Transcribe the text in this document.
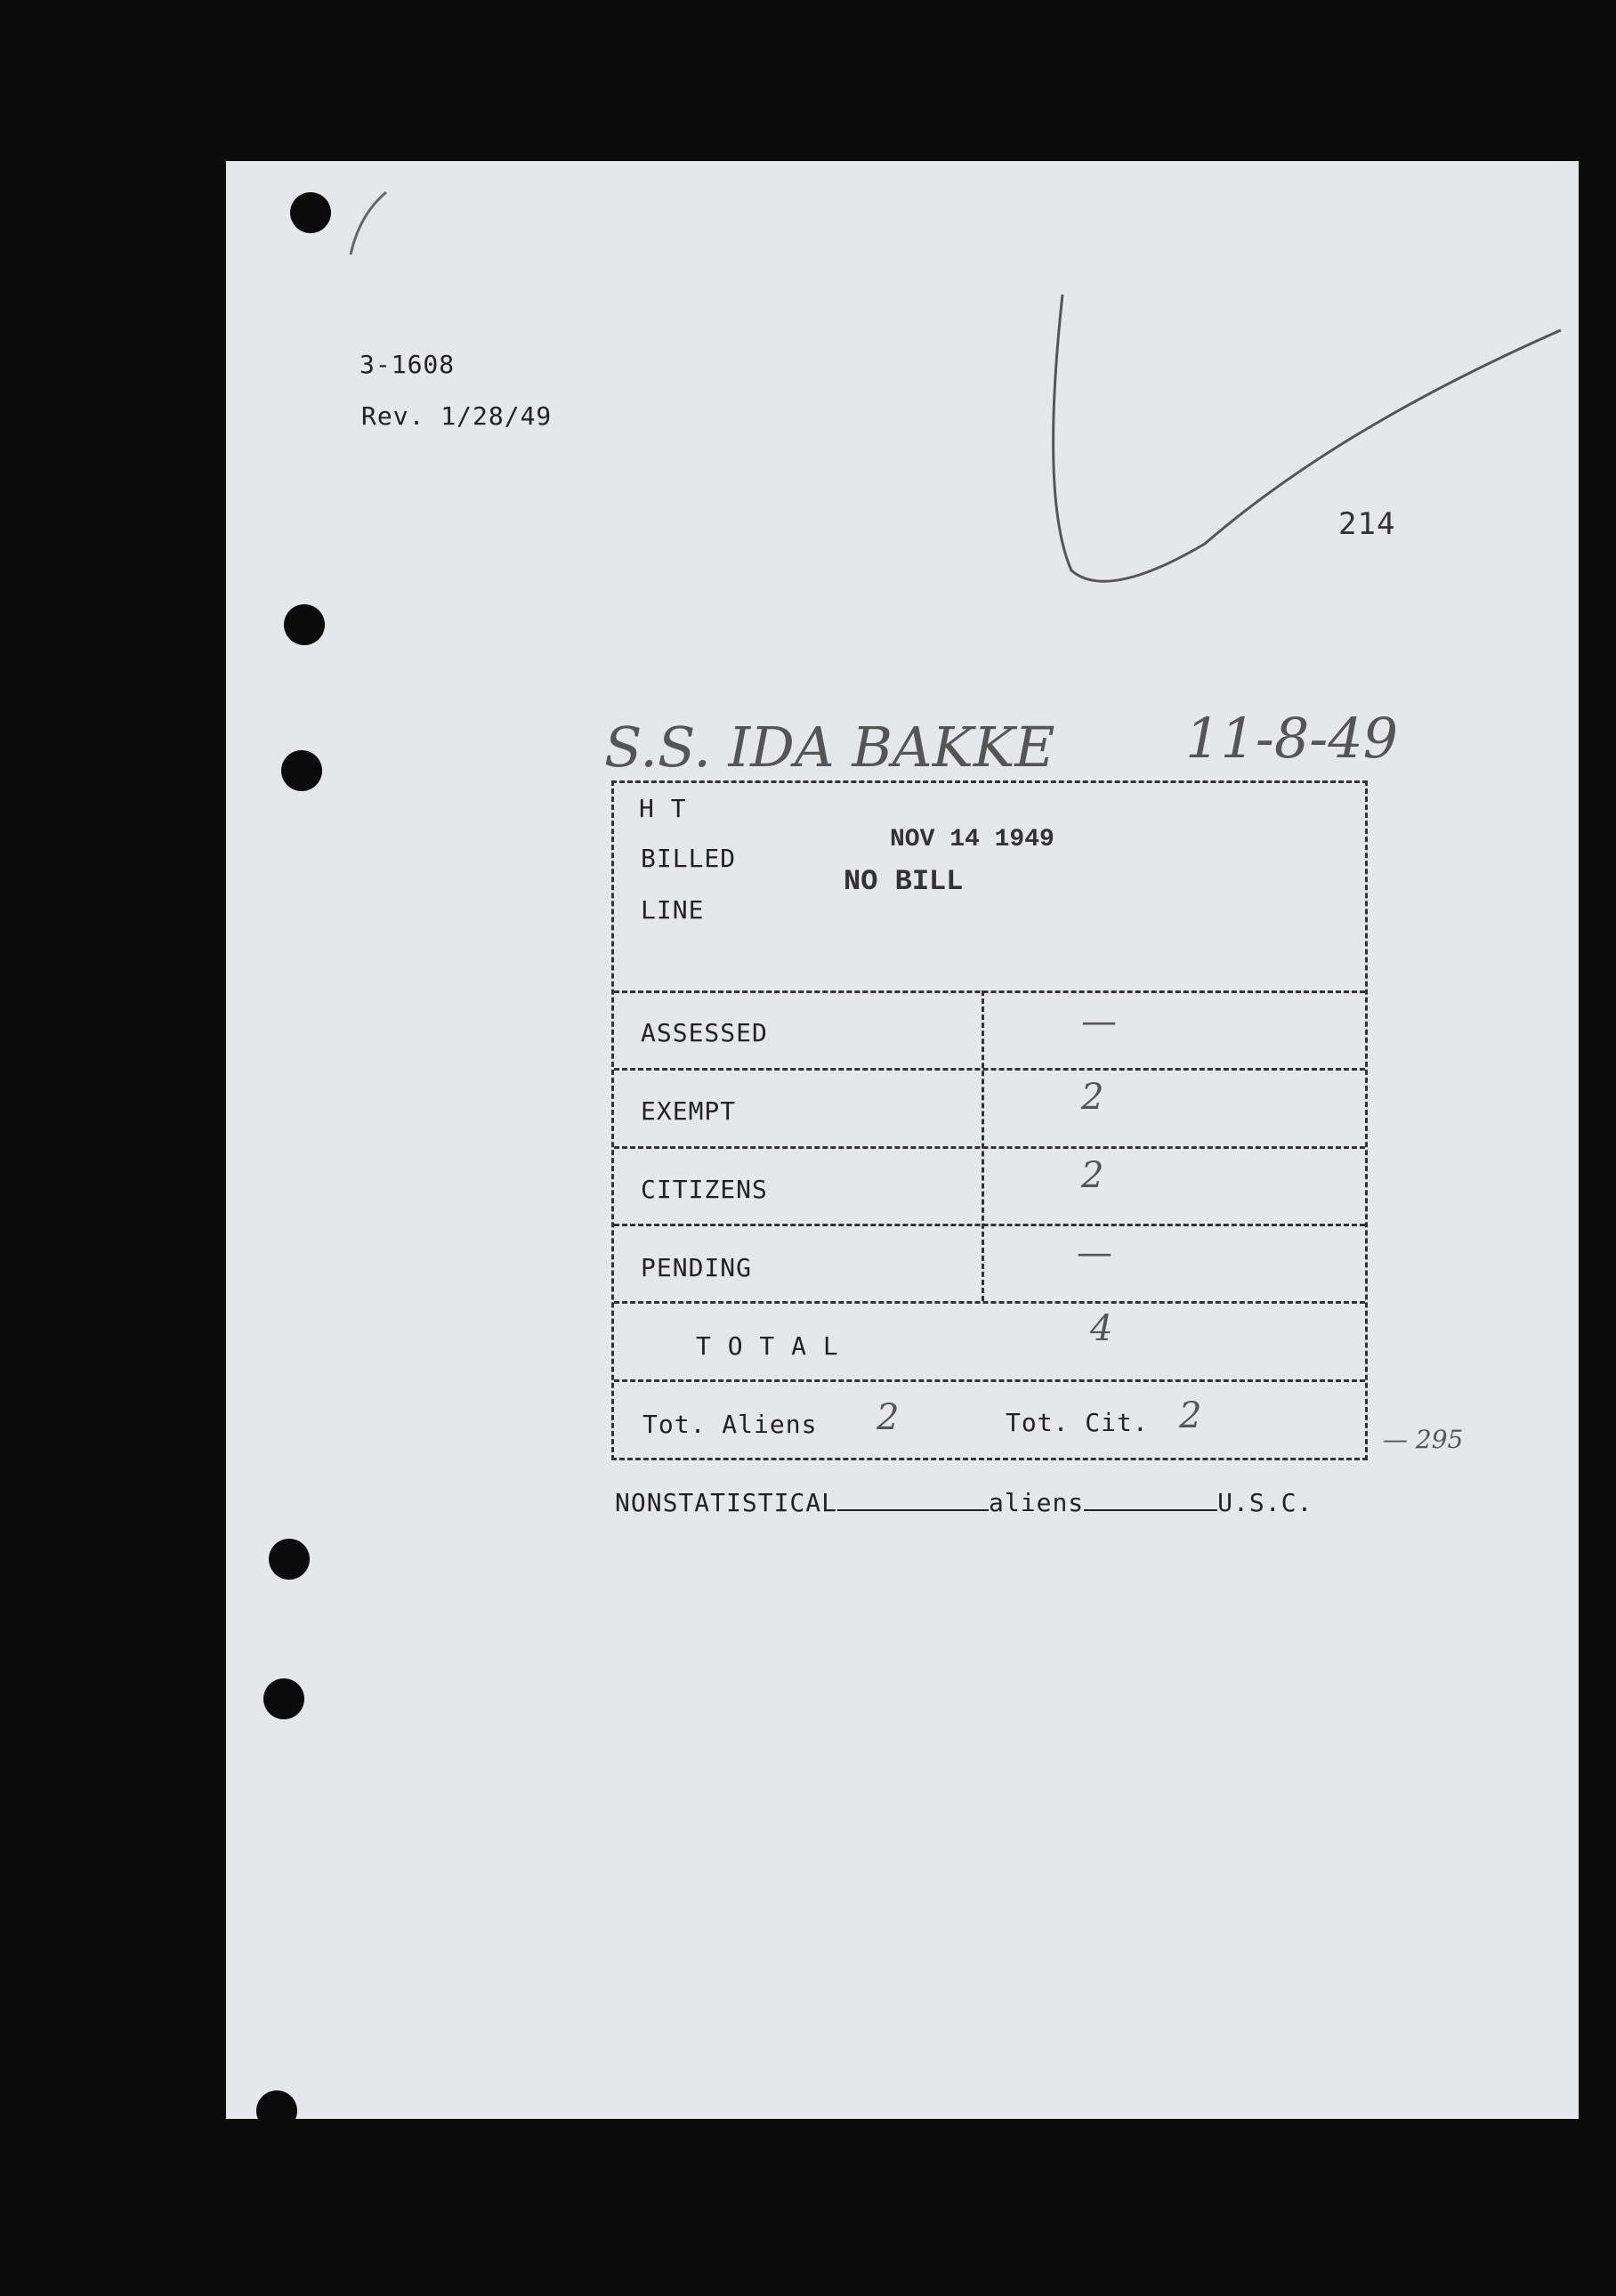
3-1608
Rev. 1/28/49
214
S.S. IDA BAKKE 11-8-49
— 295
H T
BILLED
LINE
NOV 14 1949
NO BILL
ASSESSED	—
EXEMPT	2
CITIZENS	2
PENDING	—
T O T A L	4
Tot. Aliens 2	Tot. Cit. 2
NONSTATISTICAL	aliens	U.S.C.
